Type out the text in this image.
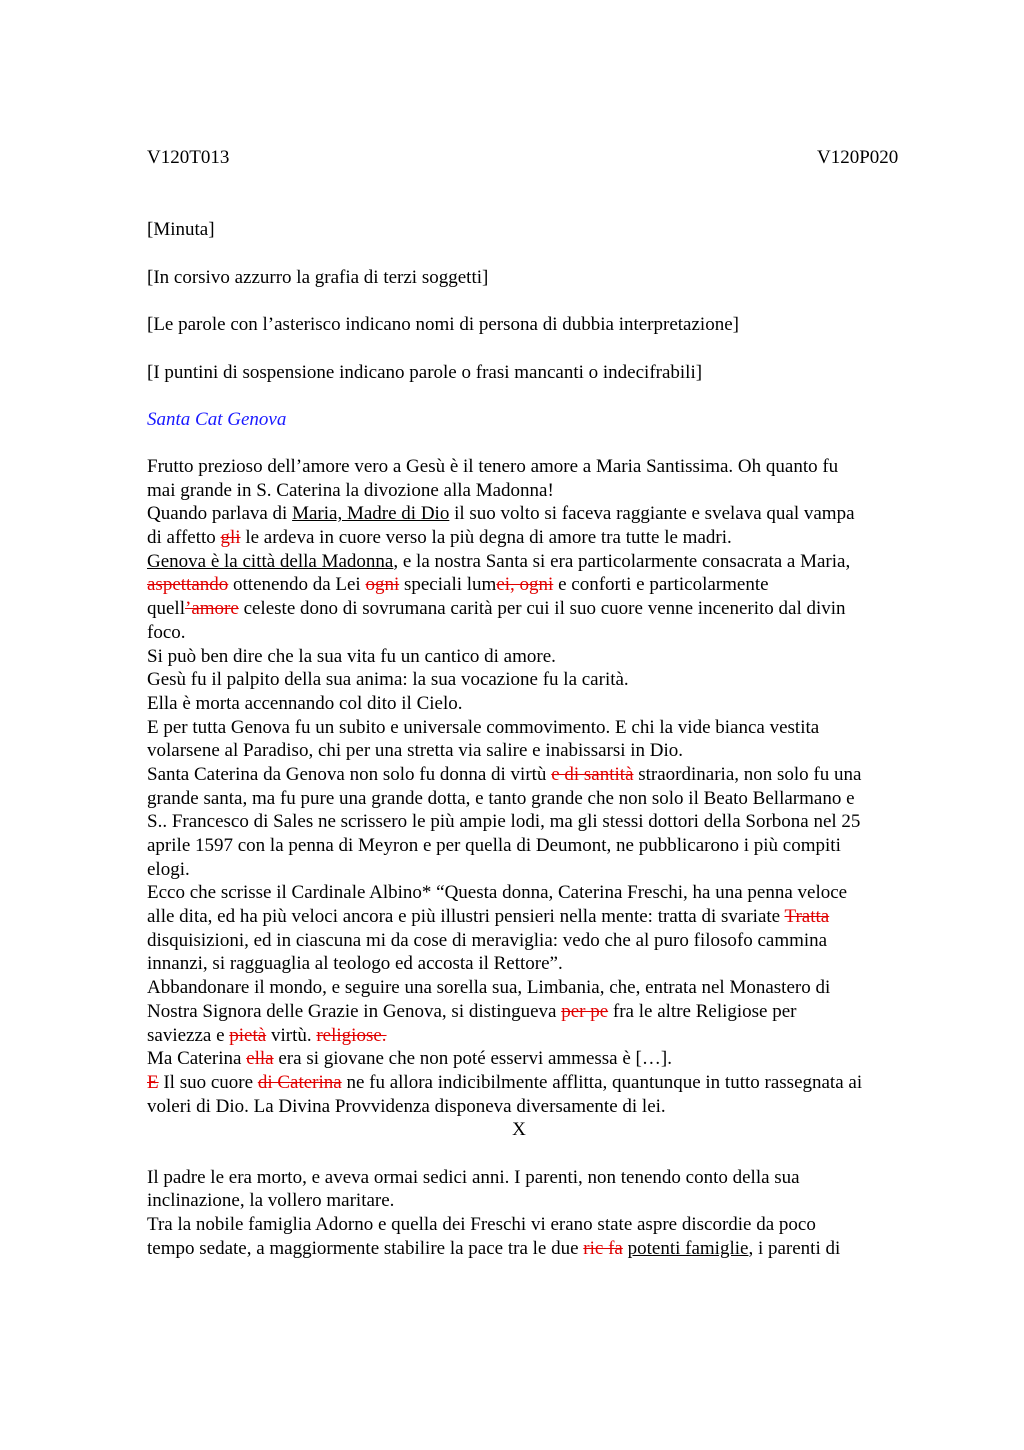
V120T013	V120P020
[Minuta]
[In corsivo azzurro la grafia di terzi soggetti]
[Le parole con l’asterisco indicano nomi di persona di dubbia interpretazione]
[I puntini di sospensione indicano parole o frasi mancanti o indecifrabili]
Santa Cat Genova
Frutto prezioso dell’amore vero a Gesù è il tenero amore a Maria Santissima. Oh quanto fu
mai grande in S. Caterina la divozione alla Madonna!
Quando parlava di Maria, Madre di Dio il suo volto si faceva raggiante e svelava qual vampa
di affetto gli le ardeva in cuore verso la più degna di amore tra tutte le madri.
Genova è la città della Madonna, e la nostra Santa si era particolarmente consacrata a Maria,
aspettando ottenendo da Lei ogni speciali lumei, ogni e conforti e particolarmente
quell’amore celeste dono di sovrumana carità per cui il suo cuore venne incenerito dal divin
foco.
Si può ben dire che la sua vita fu un cantico di amore.
Gesù fu il palpito della sua anima: la sua vocazione fu la carità.
Ella è morta accennando col dito il Cielo.
E per tutta Genova fu un subito e universale commovimento. E chi la vide bianca vestita
volarsene al Paradiso, chi per una stretta via salire e inabissarsi in Dio.
Santa Caterina da Genova non solo fu donna di virtù e di santità straordinaria, non solo fu una
grande santa, ma fu pure una grande dotta, e tanto grande che non solo il Beato Bellarmano e
S.. Francesco di Sales ne scrissero le più ampie lodi, ma gli stessi dottori della Sorbona nel 25
aprile 1597 con la penna di Meyron e per quella di Deumont, ne pubblicarono i più compiti
elogi.
Ecco che scrisse il Cardinale Albino* “Questa donna, Caterina Freschi, ha una penna veloce
alle dita, ed ha più veloci ancora e più illustri pensieri nella mente: tratta di svariate Tratta
disquisizioni, ed in ciascuna mi da cose di meraviglia: vedo che al puro filosofo cammina
innanzi, si ragguaglia al teologo ed accosta il Rettore”.
Abbandonare il mondo, e seguire una sorella sua, Limbania, che, entrata nel Monastero di
Nostra Signora delle Grazie in Genova, si distingueva per pe fra le altre Religiose per
saviezza e pietà virtù. religiose.
Ma Caterina ella era si giovane che non poté esservi ammessa è […].
E Il suo cuore di Caterina ne fu allora indicibilmente afflitta, quantunque in tutto rassegnata ai
voleri di Dio. La Divina Provvidenza disponeva diversamente di lei.
X
Il padre le era morto, e aveva ormai sedici anni. I parenti, non tenendo conto della sua
inclinazione, la vollero maritare.
Tra la nobile famiglia Adorno e quella dei Freschi vi erano state aspre discordie da poco
tempo sedate, a maggiormente stabilire la pace tra le due ric fa potenti famiglie, i parenti di
